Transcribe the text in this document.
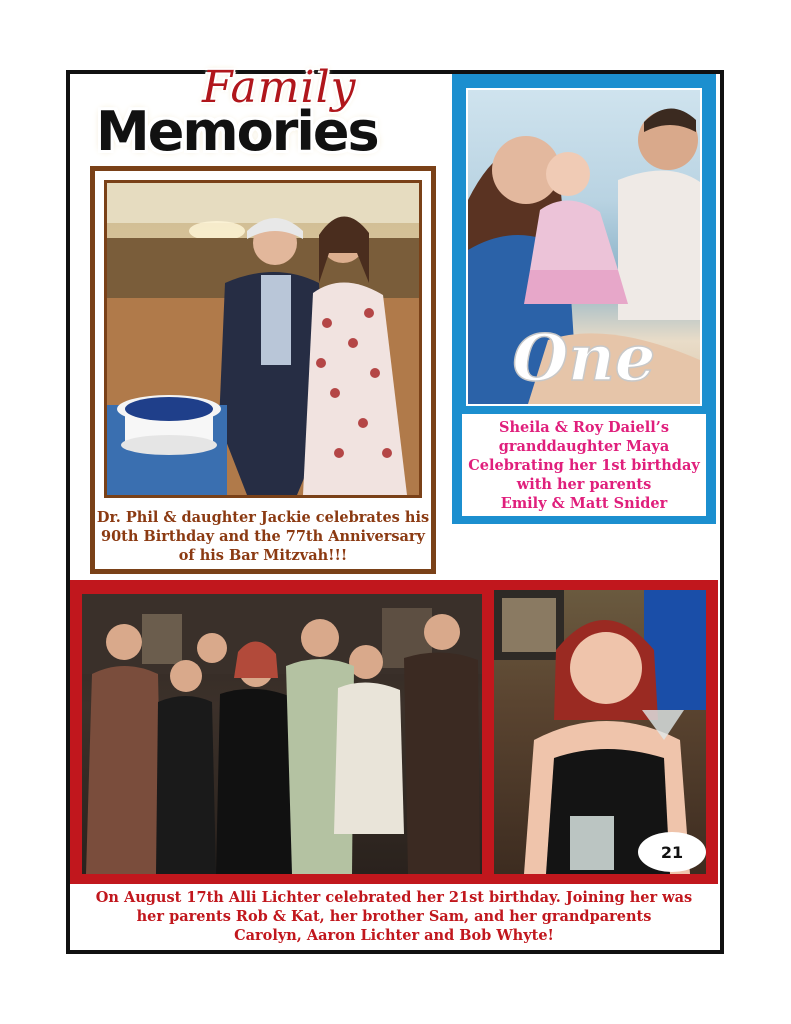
Family
Memories
Dr. Phil & daughter Jackie celebrates his
90th Birthday and the 77th Anniversary
of his Bar Mitzvah!!!
One
Sheila & Roy Daiell’s
granddaughter Maya
Celebrating her 1st birthday
with her parents
Emily & Matt Snider
21
On August 17th Alli Lichter celebrated her 21st birthday. Joining her was
her parents Rob & Kat, her brother Sam, and her grandparents
Carolyn, Aaron Lichter and Bob Whyte!
